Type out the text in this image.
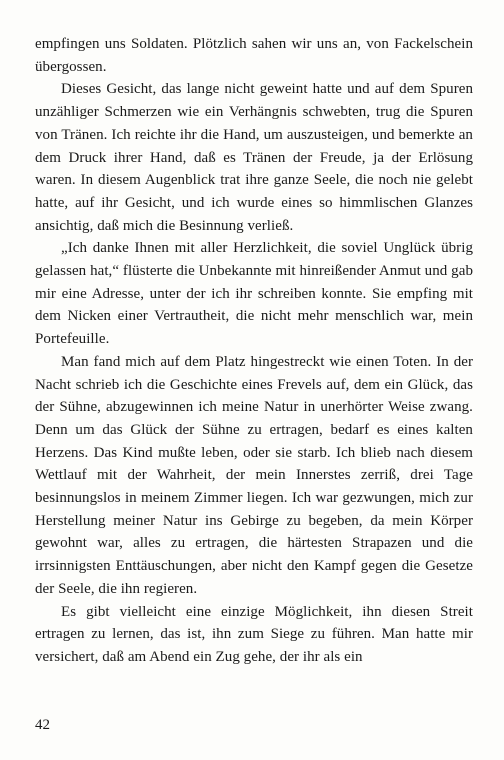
empfingen uns Soldaten. Plötzlich sahen wir uns an, von Fackelschein übergossen.

Dieses Gesicht, das lange nicht geweint hatte und auf dem Spuren unzähliger Schmerzen wie ein Verhängnis schwebten, trug die Spuren von Tränen. Ich reichte ihr die Hand, um auszusteigen, und bemerkte an dem Druck ihrer Hand, daß es Tränen der Freude, ja der Erlösung waren. In diesem Augenblick trat ihre ganze Seele, die noch nie gelebt hatte, auf ihr Gesicht, und ich wurde eines so himmlischen Glanzes ansichtig, daß mich die Besinnung verließ.

„Ich danke Ihnen mit aller Herzlichkeit, die soviel Unglück übrig gelassen hat,“ flüsterte die Unbekannte mit hinreißender Anmut und gab mir eine Adresse, unter der ich ihr schreiben konnte. Sie empfing mit dem Nicken einer Vertrautheit, die nicht mehr menschlich war, mein Portefeuille.

Man fand mich auf dem Platz hingestreckt wie einen Toten. In der Nacht schrieb ich die Geschichte eines Frevels auf, dem ein Glück, das der Sühne, abzugewinnen ich meine Natur in unerhörter Weise zwang. Denn um das Glück der Sühne zu ertragen, bedarf es eines kalten Herzens. Das Kind mußte leben, oder sie starb. Ich blieb nach diesem Wettlauf mit der Wahrheit, der mein Innerstes zerriß, drei Tage besinnungslos in meinem Zimmer liegen. Ich war gezwungen, mich zur Herstellung meiner Natur ins Gebirge zu begeben, da mein Körper gewohnt war, alles zu ertragen, die härtesten Strapazen und die irrsinnigsten Enttäuschungen, aber nicht den Kampf gegen die Gesetze der Seele, die ihn regieren.

Es gibt vielleicht eine einzige Möglichkeit, ihn diesen Streit ertragen zu lernen, das ist, ihn zum Siege zu führen. Man hatte mir versichert, daß am Abend ein Zug gehe, der ihr als ein

42
